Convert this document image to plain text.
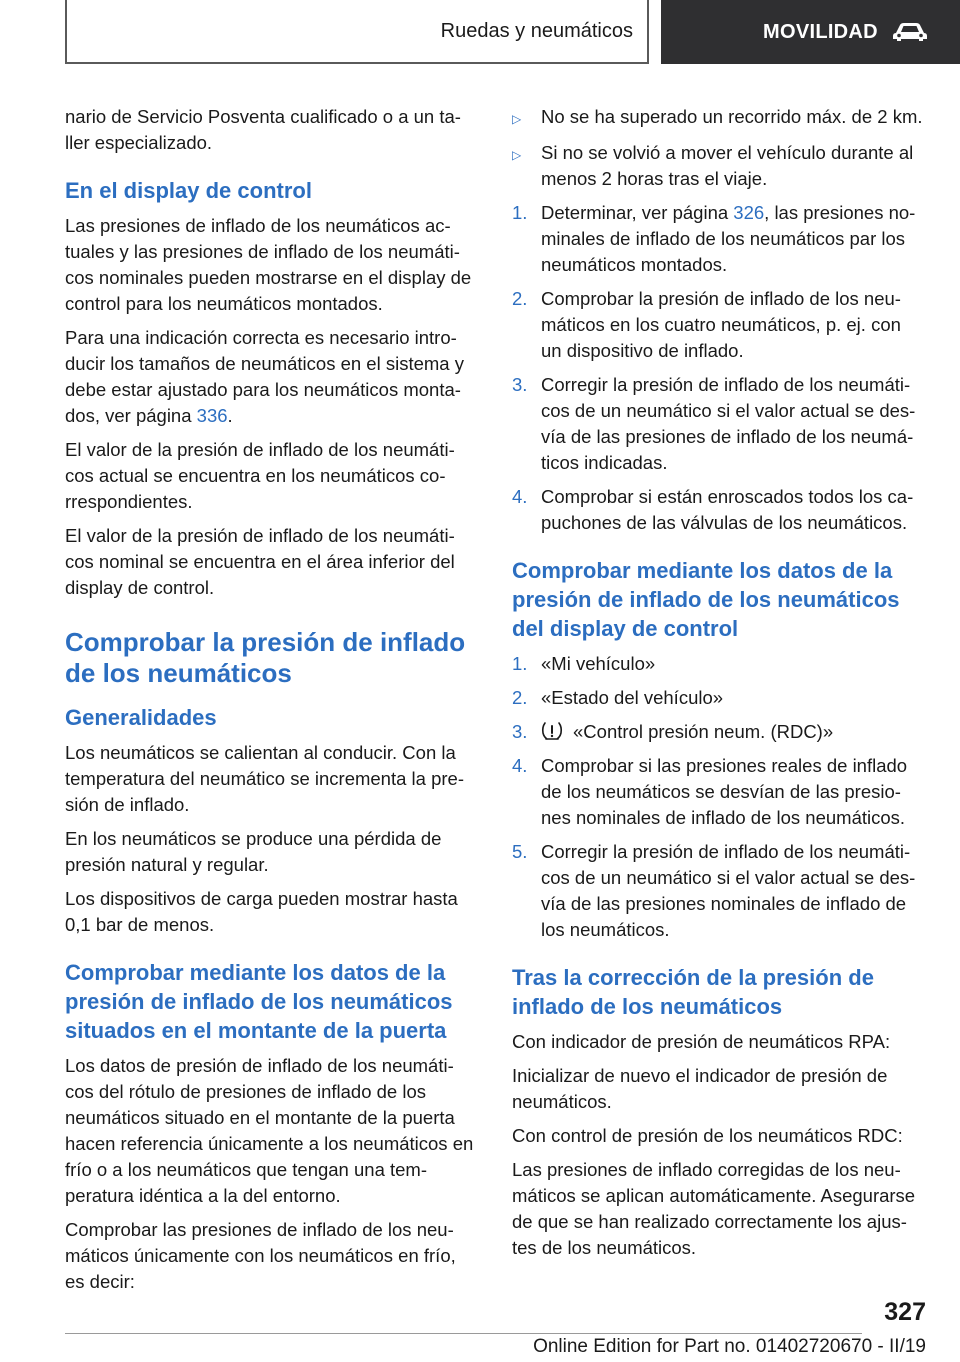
Ruedas y neumáticos	MOVILIDAD

nario de Servicio Posventa cualificado o a un ta‐ller especializado.

En el display de control

Las presiones de inflado de los neumáticos ac‐tuales y las presiones de inflado de los neumáti‐cos nominales pueden mostrarse en el display de control para los neumáticos montados.

Para una indicación correcta es necesario intro‐ducir los tamaños de neumáticos en el sistema y debe estar ajustado para los neumáticos monta‐dos, ver página 336.

El valor de la presión de inflado de los neumáti‐cos actual se encuentra en los neumáticos co‐rrespondientes.

El valor de la presión de inflado de los neumáti‐cos nominal se encuentra en el área inferior del display de control.

Comprobar la presión de inflado de los neumáticos
Generalidades

Los neumáticos se calientan al conducir. Con la temperatura del neumático se incrementa la pre‐sión de inflado.

En los neumáticos se produce una pérdida de presión natural y regular.

Los dispositivos de carga pueden mostrar hasta 0,1 bar de menos.

Comprobar mediante los datos de la presión de inflado de los neumáticos situados en el montante de la puerta

Los datos de presión de inflado de los neumáti‐cos del rótulo de presiones de inflado de los neumáticos situado en el montante de la puerta hacen referencia únicamente a los neumáticos en frío o a los neumáticos que tengan una tem‐peratura idéntica a la del entorno.

Comprobar las presiones de inflado de los neu‐máticos únicamente con los neumáticos en frío, es decir:

▷	No se ha superado un recorrido máx. de 2 km.
▷	Si no se volvió a mover el vehículo durante al menos 2 horas tras el viaje.
1. Determinar, ver página 326, las presiones no‐minales de inflado de los neumáticos par los neumáticos montados.
2. Comprobar la presión de inflado de los neu‐máticos en los cuatro neumáticos, p. ej. con un dispositivo de inflado.
3. Corregir la presión de inflado de los neumáti‐cos de un neumático si el valor actual se des‐vía de las presiones de inflado de los neumá‐ticos indicadas.
4. Comprobar si están enroscados todos los ca‐puchones de las válvulas de los neumáticos.
Comprobar mediante los datos de la presión de inflado de los neumáticos del display de control
1. «Mi vehículo»
2. «Estado del vehículo»
3.	«Control presión neum. (RDC)»
4. Comprobar si las presiones reales de inflado de los neumáticos se desvían de las presio‐nes nominales de inflado de los neumáticos.
5. Corregir la presión de inflado de los neumáti‐cos de un neumático si el valor actual se des‐vía de las presiones nominales de inflado de los neumáticos.
Tras la corrección de la presión de inflado de los neumáticos

Con indicador de presión de neumáticos RPA:

Inicializar de nuevo el indicador de presión de neumáticos.

Con control de presión de los neumáticos RDC:

Las presiones de inflado corregidas de los neu‐máticos se aplican automáticamente. Asegurarse de que se han realizado correctamente los ajus‐tes de los neumáticos.

327
Online Edition for Part no. 01402720670 - II/19
